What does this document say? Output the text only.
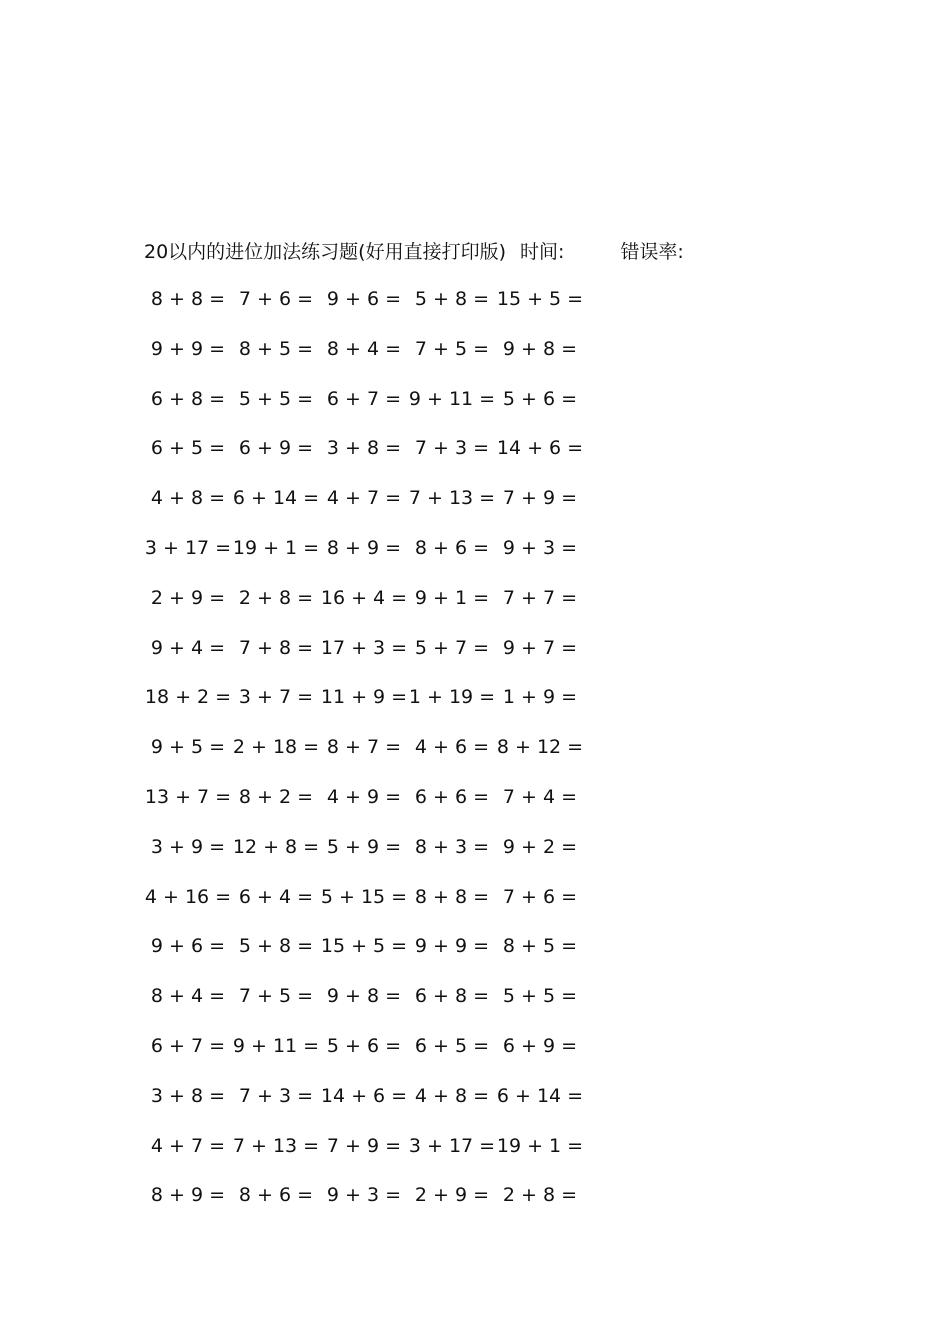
20以内的进位加法练习题(好用直接打印版) 时间:	错误率:
8 + 8 = 7 + 6 = 9 + 6 = 5 + 8 = 15 + 5 =
9 + 9 = 8 + 5 = 8 + 4 = 7 + 5 = 9 + 8 =
6 + 8 = 5 + 5 = 6 + 7 = 9 + 11 = 5 + 6 =
6 + 5 = 6 + 9 = 3 + 8 = 7 + 3 = 14 + 6 =
4 + 8 = 6 + 14 = 4 + 7 = 7 + 13 = 7 + 9 =
3 + 17 = 19 + 1 = 8 + 9 = 8 + 6 = 9 + 3 =
2 + 9 = 2 + 8 = 16 + 4 = 9 + 1 = 7 + 7 =
9 + 4 = 7 + 8 = 17 + 3 = 5 + 7 = 9 + 7 =
18 + 2 = 3 + 7 = 11 + 9 = 1 + 19 = 1 + 9 =
9 + 5 = 2 + 18 = 8 + 7 = 4 + 6 = 8 + 12 =
13 + 7 = 8 + 2 = 4 + 9 = 6 + 6 = 7 + 4 =
3 + 9 = 12 + 8 = 5 + 9 = 8 + 3 = 9 + 2 =
4 + 16 = 6 + 4 = 5 + 15 = 8 + 8 = 7 + 6 =
9 + 6 = 5 + 8 = 15 + 5 = 9 + 9 = 8 + 5 =
8 + 4 = 7 + 5 = 9 + 8 = 6 + 8 = 5 + 5 =
6 + 7 = 9 + 11 = 5 + 6 = 6 + 5 = 6 + 9 =
3 + 8 = 7 + 3 = 14 + 6 = 4 + 8 = 6 + 14 =
4 + 7 = 7 + 13 = 7 + 9 = 3 + 17 = 19 + 1 =
8 + 9 = 8 + 6 = 9 + 3 = 2 + 9 = 2 + 8 =
